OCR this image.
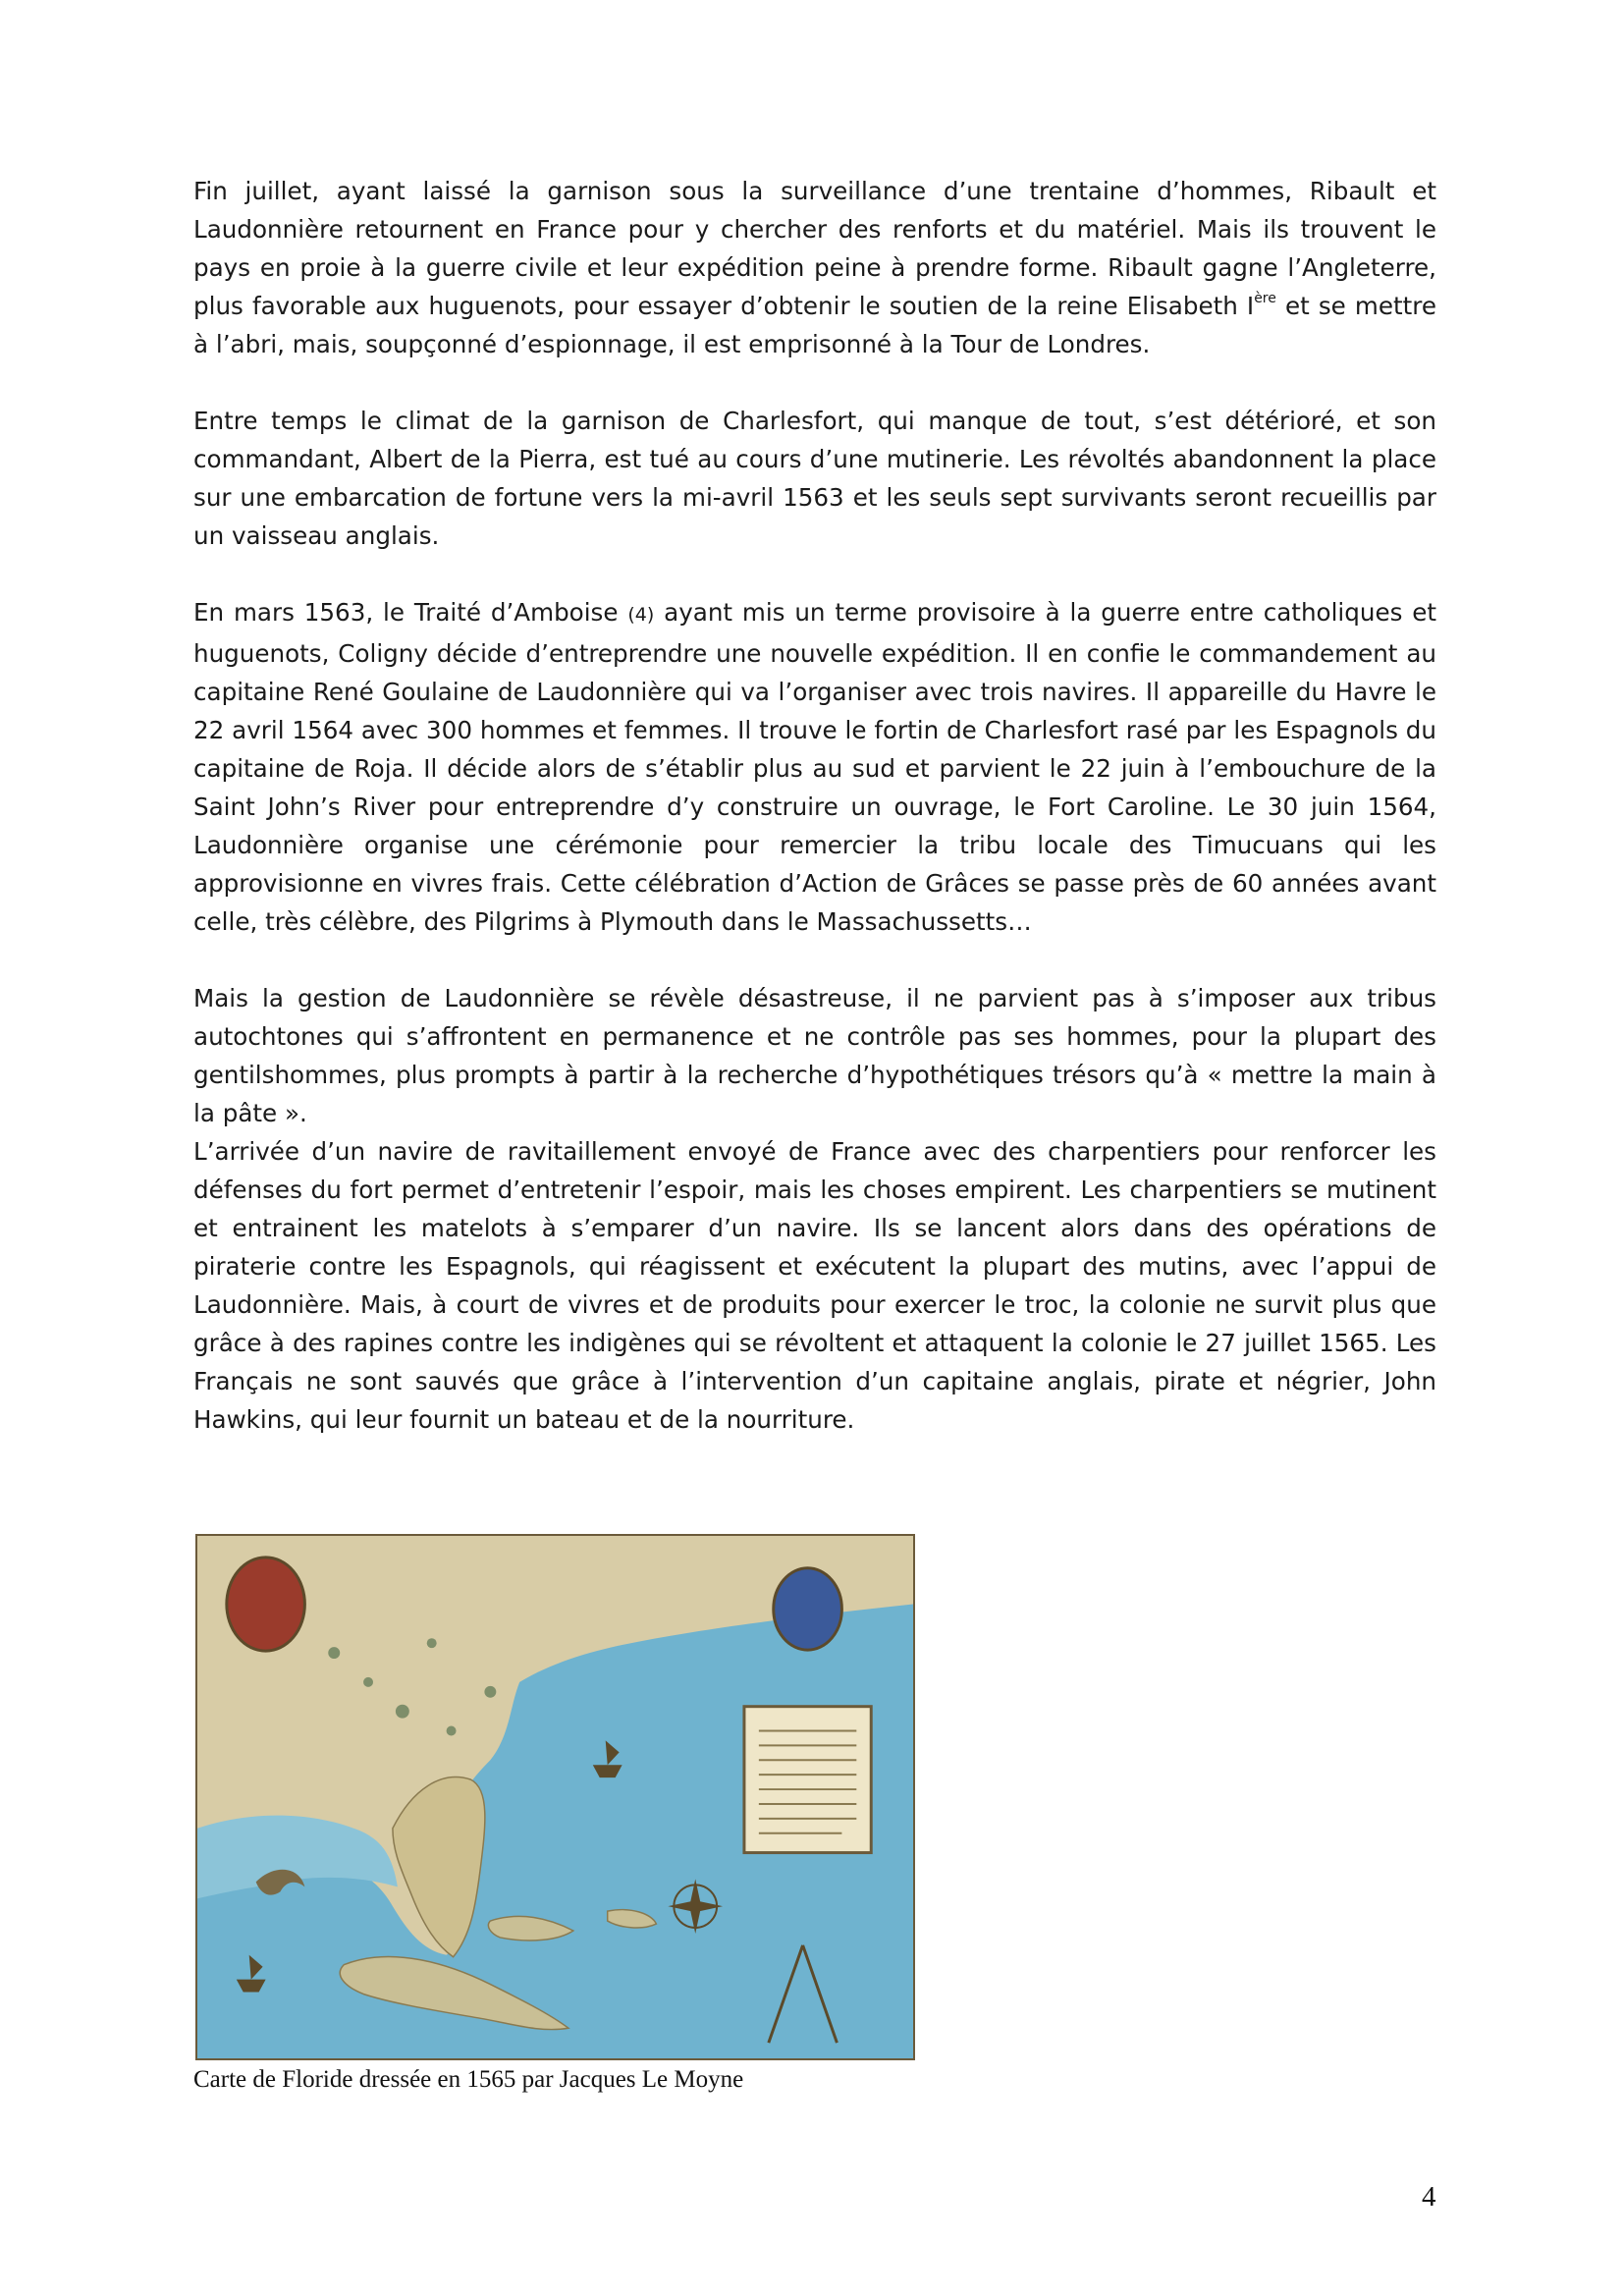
Fin juillet, ayant laissé la garnison sous la surveillance d’une trentaine d’hommes, Ribault et Laudonnière retournent en France pour y chercher des renforts et du matériel. Mais ils trouvent le pays en proie à la guerre civile et leur expédition peine à prendre forme. Ribault gagne l’Angleterre, plus favorable aux huguenots, pour essayer d’obtenir le soutien de la reine Elisabeth Ière et se mettre à l’abri, mais, soupçonné d’espionnage, il est emprisonné à la Tour de Londres.

Entre temps le climat de la garnison de Charlesfort, qui manque de tout, s’est détérioré, et son commandant, Albert de la Pierra, est tué au cours d’une mutinerie. Les révoltés abandonnent la place sur une embarcation de fortune vers la mi-avril 1563 et les seuls sept survivants seront recueillis par un vaisseau anglais.

En mars 1563, le Traité d’Amboise (4) ayant mis un terme provisoire à la guerre entre catholiques et huguenots, Coligny décide d’entreprendre une nouvelle expédition. Il en confie le commandement au capitaine René Goulaine de Laudonnière qui va l’organiser avec trois navires. Il appareille du Havre le 22 avril 1564 avec 300 hommes et femmes. Il trouve le fortin de Charlesfort rasé par les Espagnols du capitaine de Roja. Il décide alors de s’établir plus au sud et parvient le 22 juin à l’embouchure de la Saint John’s River pour entreprendre d’y construire un ouvrage, le Fort Caroline. Le 30 juin 1564, Laudonnière organise une cérémonie pour remercier la tribu locale des Timucuans qui les approvisionne en vivres frais. Cette célébration d’Action de Grâces se passe près de 60 années avant celle, très célèbre, des Pilgrims à Plymouth dans le Massachussetts…

Mais la gestion de Laudonnière se révèle désastreuse, il ne parvient pas à s’imposer aux tribus autochtones qui s’affrontent en permanence et ne contrôle pas ses hommes, pour la plupart des gentilshommes, plus prompts à partir à la recherche d’hypothétiques trésors qu’à « mettre la main à la pâte ».

L’arrivée d’un navire de ravitaillement envoyé de France avec des charpentiers pour renforcer les défenses du fort permet d’entretenir l’espoir, mais les choses empirent. Les charpentiers se mutinent et entrainent les matelots à s’emparer d’un navire. Ils se lancent alors dans des opérations de piraterie contre les Espagnols, qui réagissent et exécutent la plupart des mutins, avec l’appui de Laudonnière. Mais, à court de vivres et de produits pour exercer le troc, la colonie ne survit plus que grâce à des rapines contre les indigènes qui se révoltent et attaquent la colonie le 27 juillet 1565. Les Français ne sont sauvés que grâce à l’intervention d’un capitaine anglais, pirate et négrier, John Hawkins, qui leur fournit un bateau et de la nourriture.

Carte de Floride dressée en 1565 par Jacques Le Moyne
4
